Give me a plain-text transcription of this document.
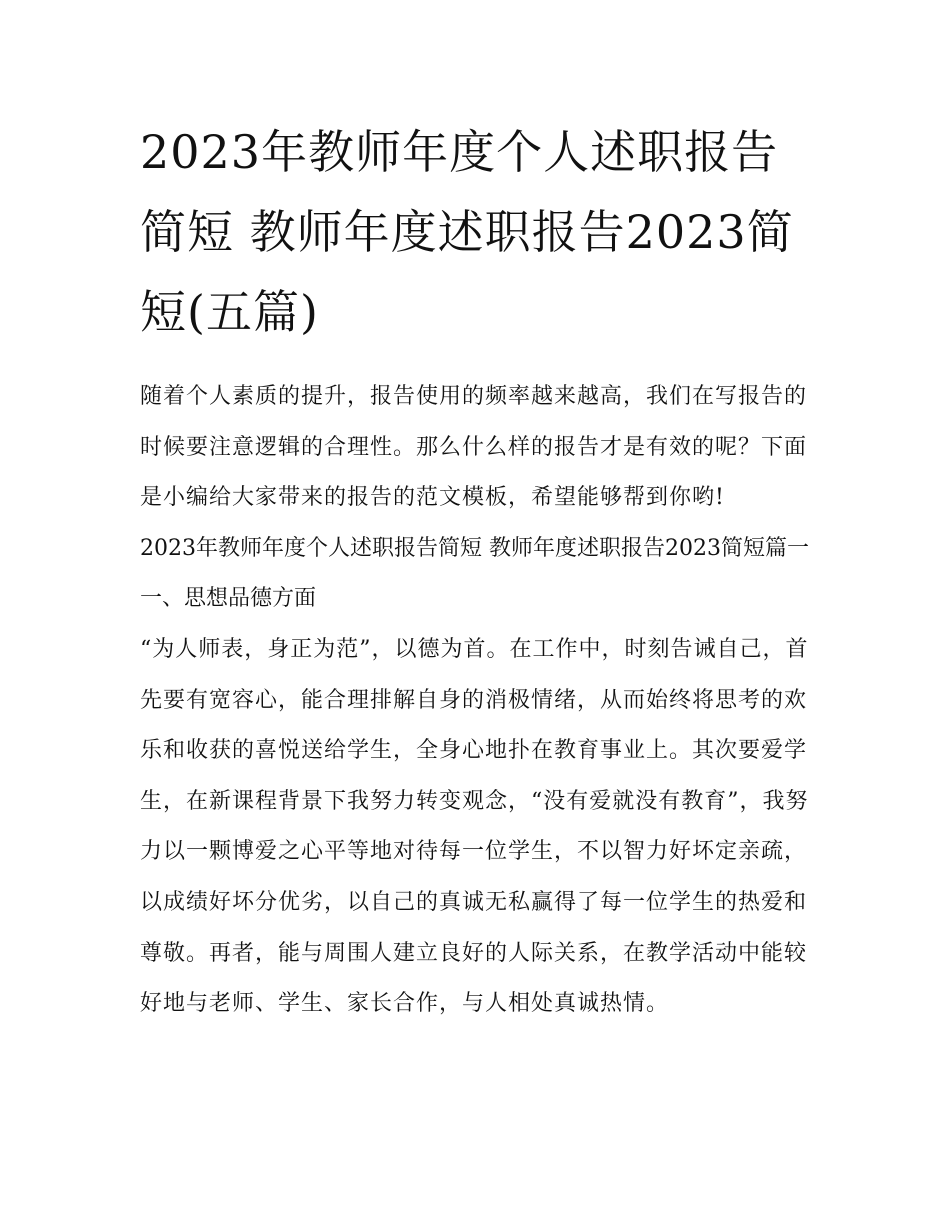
2023年教师年度个人述职报告简短 教师年度述职报告2023简短(五篇)

随着个人素质的提升，报告使用的频率越来越高，我们在写报告的时候要注意逻辑的合理性。那么什么样的报告才是有效的呢？下面是小编给大家带来的报告的范文模板，希望能够帮到你哟!

2023年教师年度个人述职报告简短 教师年度述职报告2023简短篇一 一、思想品德方面

“为人师表，身正为范”，以德为首。在工作中，时刻告诫自己，首先要有宽容心，能合理排解自身的消极情绪，从而始终将思考的欢乐和收获的喜悦送给学生，全身心地扑在教育事业上。其次要爱学生，在新课程背景下我努力转变观念，“没有爱就没有教育”，我努力以一颗博爱之心平等地对待每一位学生，不以智力好坏定亲疏，以成绩好坏分优劣，以自己的真诚无私赢得了每一位学生的热爱和尊敬。再者，能与周围人建立良好的人际关系，在教学活动中能较好地与老师、学生、家长合作，与人相处真诚热情。
